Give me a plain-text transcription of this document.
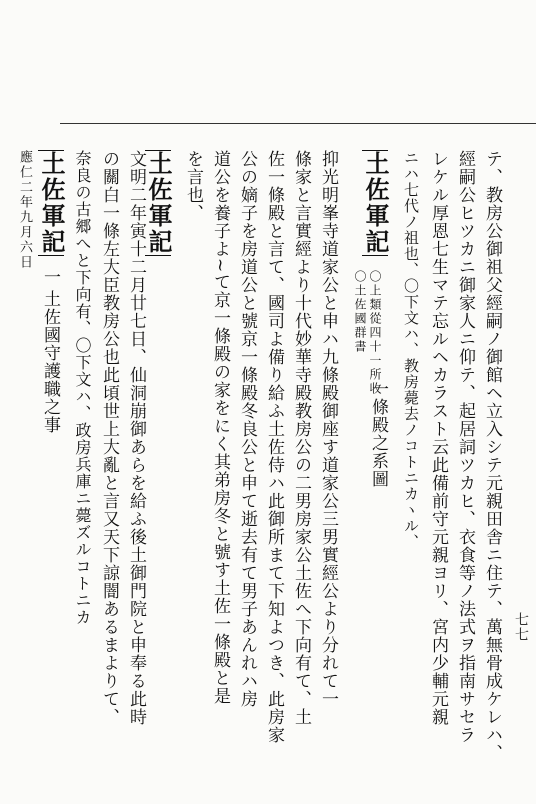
七七
應仁二年九月六日	テ、教房公御祖父經嗣ノ御館ヘ立入シテ元親田舎ニ住テ、萬無骨成ケレハ、
經嗣公ヒツカニ御家人ニ仰テ、起居詞ツカヒ、衣食等ノ法式ヲ指南サセラ
レケル厚恩七生マテ忘ルヘカラスト云此備前守元親ヨリ、宮内少輔元親
ニハ七代ノ祖也、〇下文ハ、教房薨去ノコトニカヽル、
土佐軍記
〇上類從四十一所收
〇土佐國群書
一條殿之系圖
抑光明峯寺道家公と申ハ九條殿御座す道家公三男實經公より分れて一
條家と言實經より十代妙華寺殿教房公の二男房家公土佐へ下向有て、土
佐一條殿と言て、國司よ備り給ふ土佐侍ハ此御所まて下知よつき、此房家
公の嫡子を房道公と號京一條殿冬良公と申て逝去有て男子あんれハ房
道公を養子よ~て京一條殿の家をにく其弟房冬と號す土佐一條殿と是
を言也、
土佐軍記
文明二年寅十二月廿七日、仙洞崩御あらを給ふ後土御門院と申奉る此時
の關白一條左大臣教房公也此頃世上大亂と言又天下諒闇あるまよりて、
奈良の古郷へと下向有、〇下文ハ、政房兵庫ニ薨ズルコトニカ
土佐軍記
一
土佐國守護職之事
